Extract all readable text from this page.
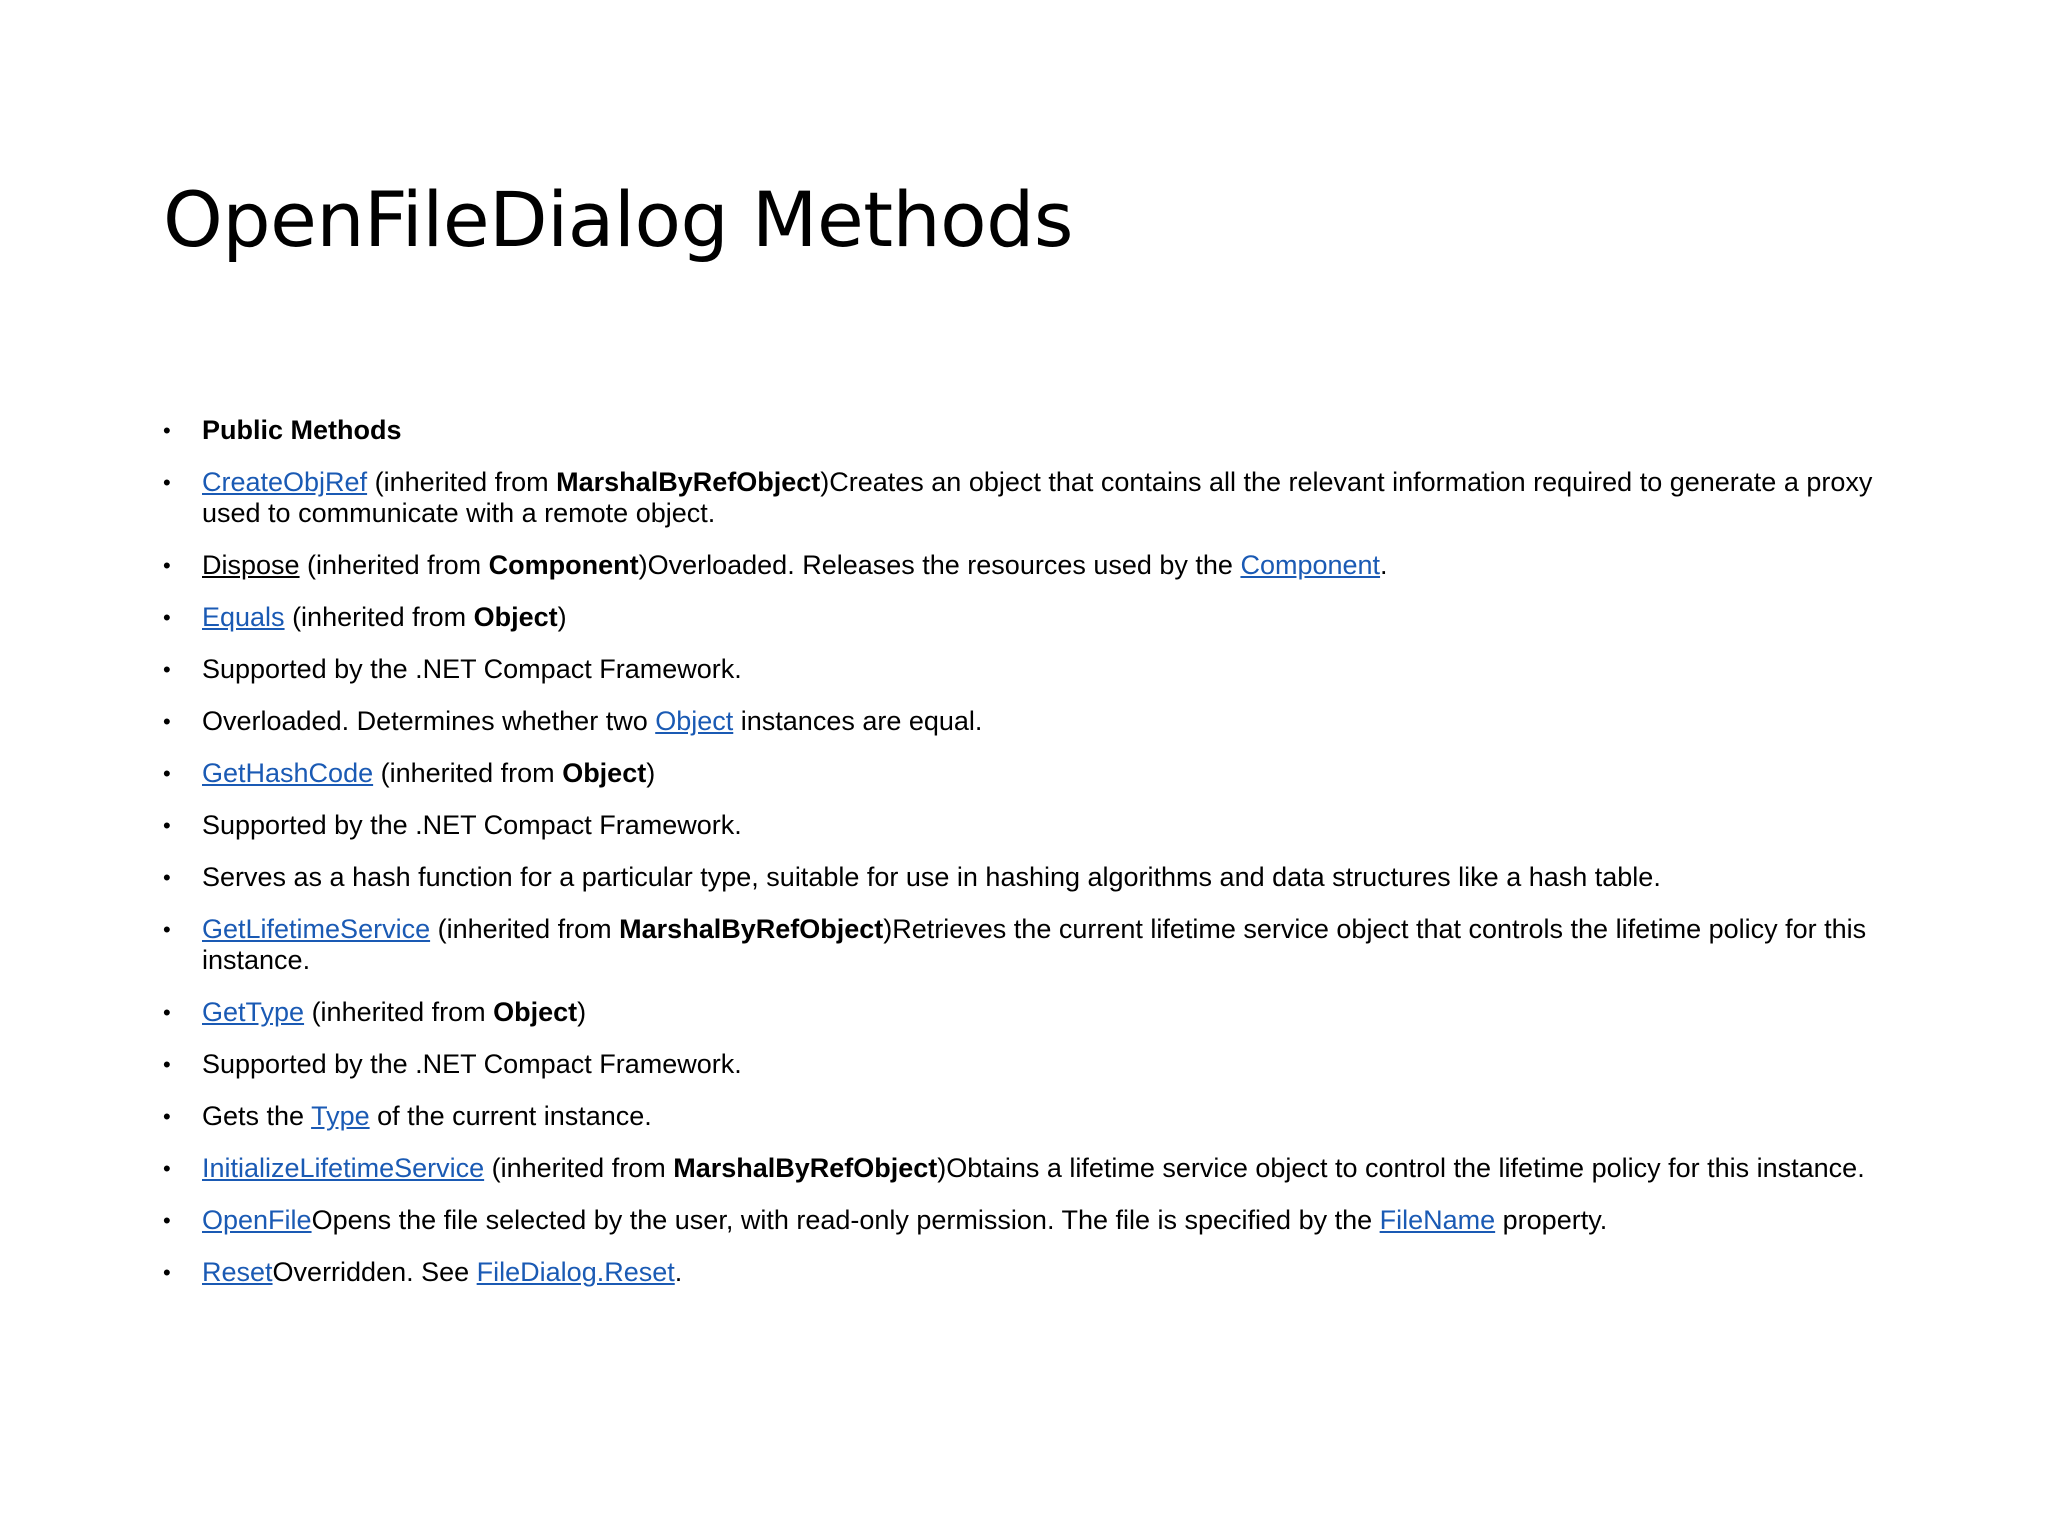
OpenFileDialog Methods
• Public Methods
• CreateObjRef (inherited from MarshalByRefObject)Creates an object that contains all the relevant information required to generate a proxy used to communicate with a remote object.
• Dispose (inherited from Component)Overloaded. Releases the resources used by the Component.
• Equals (inherited from Object)
• Supported by the .NET Compact Framework.
• Overloaded. Determines whether two Object instances are equal.
• GetHashCode (inherited from Object)
• Supported by the .NET Compact Framework.
• Serves as a hash function for a particular type, suitable for use in hashing algorithms and data structures like a hash table.
• GetLifetimeService (inherited from MarshalByRefObject)Retrieves the current lifetime service object that controls the lifetime policy for this instance.
• GetType (inherited from Object)
• Supported by the .NET Compact Framework.
• Gets the Type of the current instance.
• InitializeLifetimeService (inherited from MarshalByRefObject)Obtains a lifetime service object to control the lifetime policy for this instance.
• OpenFileOpens the file selected by the user, with read-only permission. The file is specified by the FileName property.
• ResetOverridden. See FileDialog.Reset.
